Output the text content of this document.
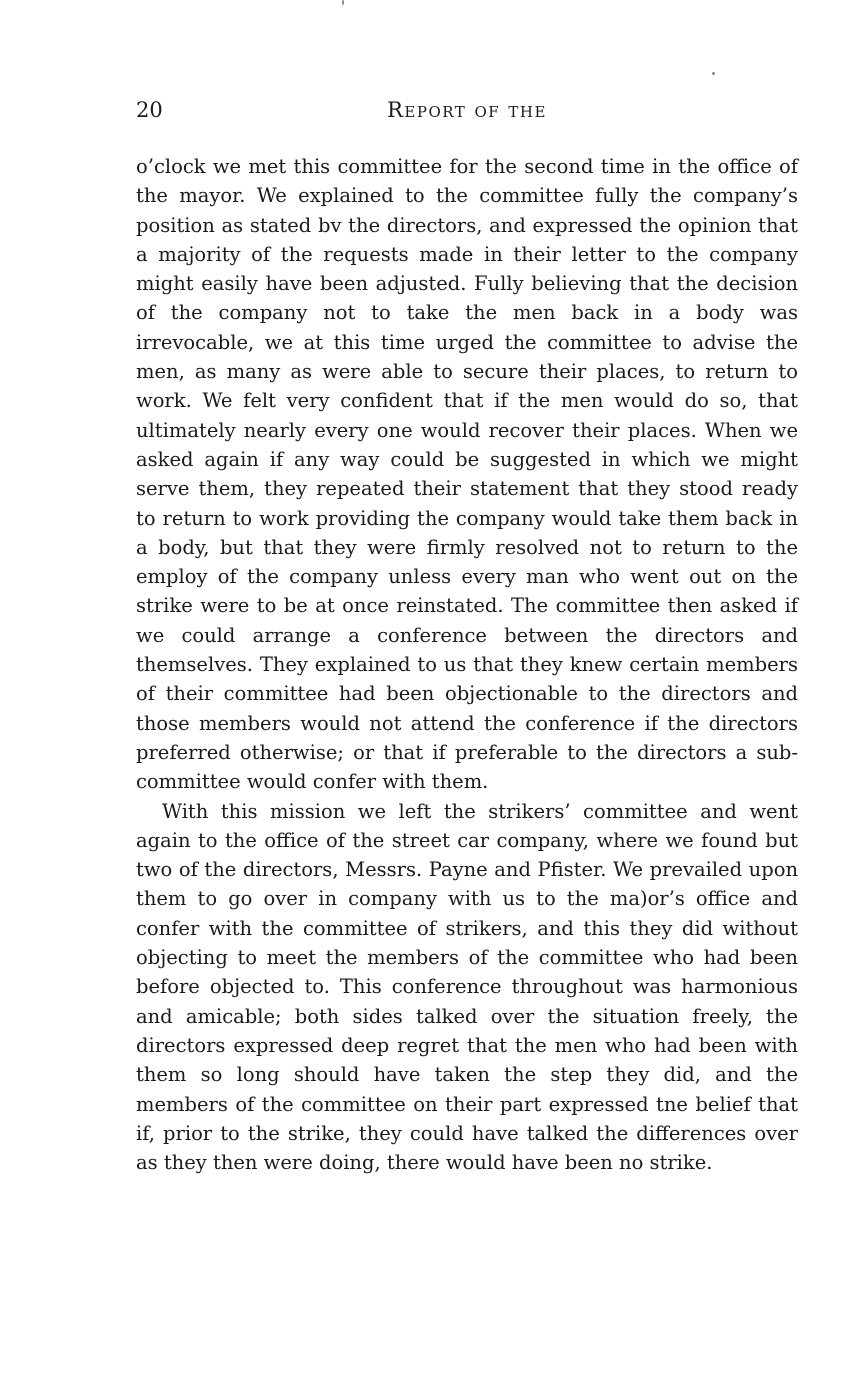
20	Report of the

o’clock we met this committee for the second time in the office of the mayor. We explained to the committee fully the company’s position as stated bv the directors, and expressed the opinion that a majority of the requests made in their letter to the company might easily have been adjusted. Fully believing that the decision of the company not to take the men back in a body was irrevocable, we at this time urged the committee to advise the men, as many as were able to secure their places, to return to work. We felt very confident that if the men would do so, that ultimately nearly every one would recover their places. When we asked again if any way could be suggested in which we might serve them, they repeated their statement that they stood ready to return to work providing the company would take them back in a body, but that they were firmly resolved not to return to the employ of the company unless every man who went out on the strike were to be at once reinstated. The committee then asked if we could arrange a conference between the directors and themselves. They explained to us that they knew certain members of their committee had been objectionable to the directors and those members would not attend the conference if the directors preferred otherwise; or that if preferable to the directors a sub-committee would confer with them.

With this mission we left the strikers’ committee and went again to the office of the street car company, where we found but two of the directors, Messrs. Payne and Pfister. We prevailed upon them to go over in company with us to the ma)or’s office and confer with the committee of strikers, and this they did without objecting to meet the members of the committee who had been before objected to. This conference throughout was harmonious and amicable; both sides talked over the situation freely, the directors expressed deep regret that the men who had been with them so long should have taken the step they did, and the members of the committee on their part expressed tne belief that if, prior to the strike, they could have talked the differences over as they then were doing, there would have been no strike.
